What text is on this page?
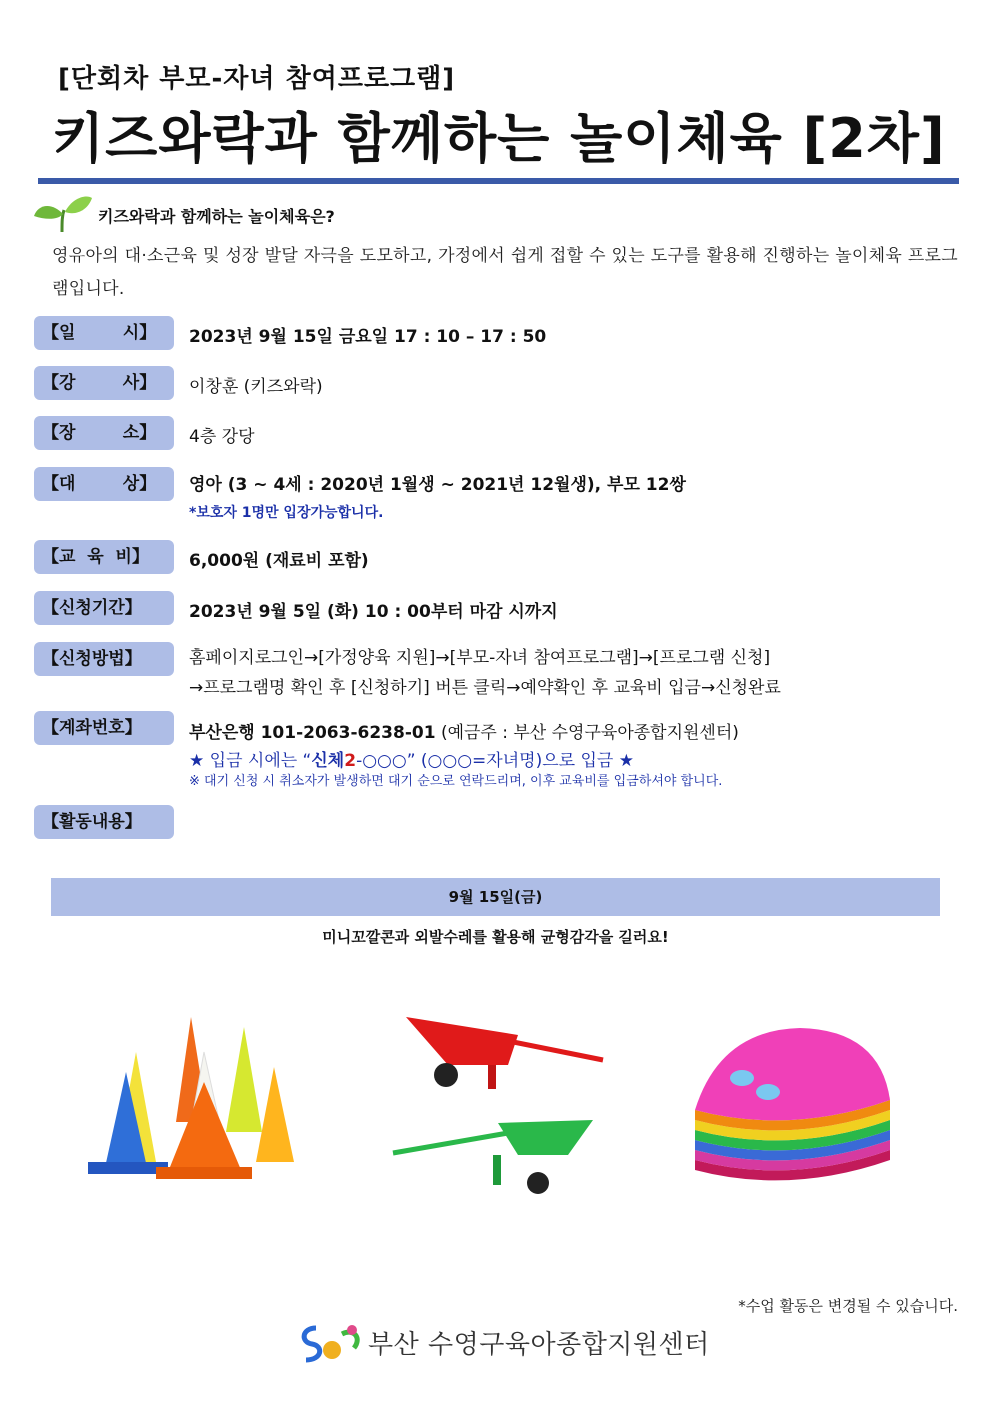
[단회차 부모-자녀 참여프로그램]
키즈와락과 함께하는 놀이체육 [2차]
키즈와락과 함께하는 놀이체육은?
영유아의 대·소근육 및 성장 발달 자극을 도모하고, 가정에서 쉽게 접할 수 있는 도구를 활용해 진행하는 놀이체육 프로그램입니다.
【일        시】	2023년 9월 15일 금요일 17 : 10 – 17 : 50
【강        사】	이창훈 (키즈와락)
【장        소】	4층 강당
【대        상】	영아 (3 ~ 4세 : 2020년 1월생 ~ 2021년 12월생), 부모 12쌍
*보호자 1명만 입장가능합니다.
【교  육  비】	6,000원 (재료비 포함)
【신청기간】	2023년 9월 5일 (화) 10 : 00부터 마감 시까지
【신청방법】	홈페이지로그인→[가정양육 지원]→[부모-자녀 참여프로그램]→[프로그램 신청]
→프로그램명 확인 후 [신청하기] 버튼 클릭→예약확인 후 교육비 입금→신청완료
【계좌번호】	부산은행 101-2063-6238-01 (예금주 : 부산 수영구육아종합지원센터)
★ 입금 시에는 “신체2-○○○” (○○○=자녀명)으로 입금 ★
※ 대기 신청 시 취소자가 발생하면 대기 순으로 연락드리며, 이후 교육비를 입금하셔야 합니다.
【활동내용】
9월 15일(금)
미니꼬깔콘과 외발수레를 활용해 균형감각을 길러요!
*수업 활동은 변경될 수 있습니다.
부산 수영구육아종합지원센터
